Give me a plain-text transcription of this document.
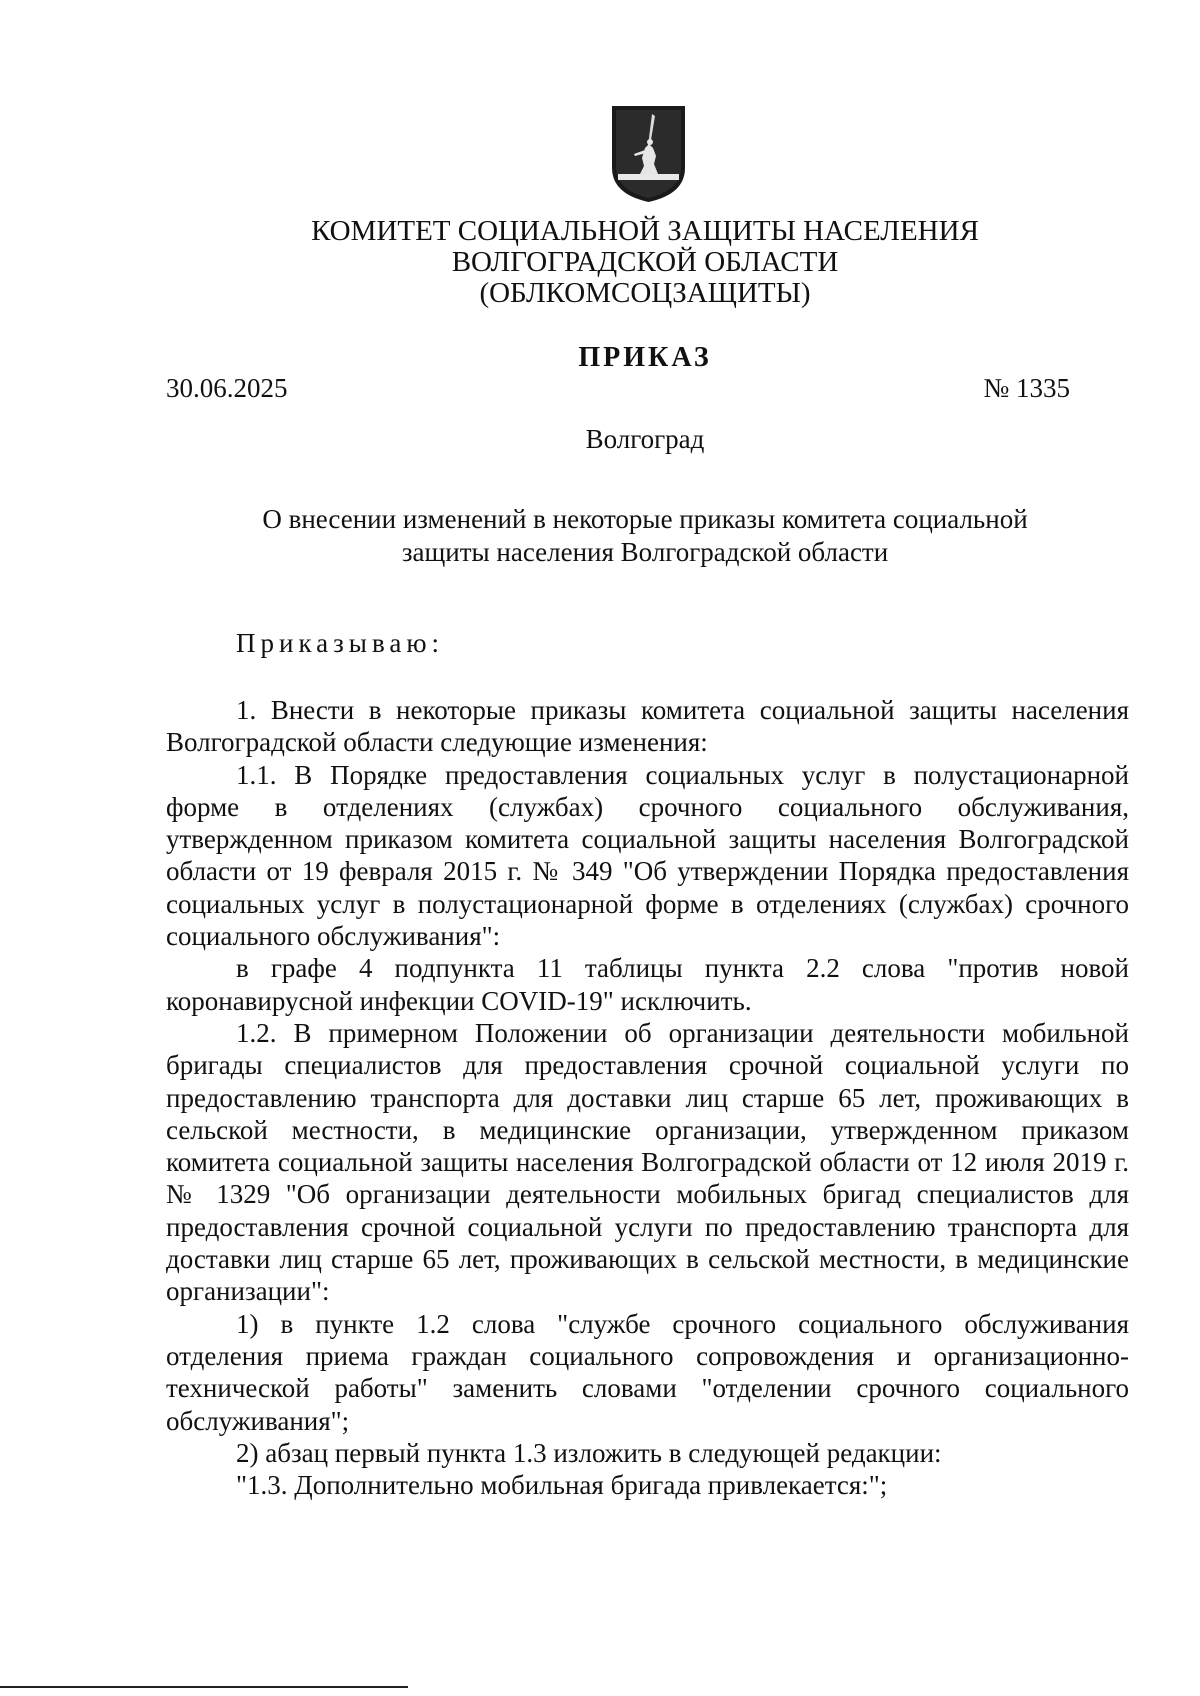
КОМИТЕТ СОЦИАЛЬНОЙ ЗАЩИТЫ НАСЕЛЕНИЯ
ВОЛГОГРАДСКОЙ ОБЛАСТИ
(ОБЛКОМСОЦЗАЩИТЫ)
ПРИКАЗ
30.06.2025	№ 1335
Волгоград
О внесении изменений в некоторые приказы комитета социальной
защиты населения Волгоградской области
Приказываю:

1. Внести в некоторые приказы комитета социальной защиты населения Волгоградской области следующие изменения:

1.1. В Порядке предоставления социальных услуг в полустационарной форме в отделениях (службах) срочного социального обслуживания, утвержденном приказом комитета социальной защиты населения Волгоградской области от 19 февраля 2015 г. № 349 "Об утверждении Порядка предоставления социальных услуг в полустационарной форме в отделениях (службах) срочного социального обслуживания":

в графе 4 подпункта 11 таблицы пункта 2.2 слова "против новой коронавирусной инфекции COVID-19" исключить.

1.2. В примерном Положении об организации деятельности мобильной бригады специалистов для предоставления срочной социальной услуги по предоставлению транспорта для доставки лиц старше 65 лет, проживающих в сельской местности, в медицинские организации, утвержденном приказом комитета социальной защиты населения Волгоградской области от 12 июля 2019 г. № 1329 "Об организации деятельности мобильных бригад специалистов для предоставления срочной социальной услуги по предоставлению транспорта для доставки лиц старше 65 лет, проживающих в сельской местности, в медицинские организации":

1) в пункте 1.2 слова "службе срочного социального обслуживания отделения приема граждан социального сопровождения и организационно-технической работы" заменить словами "отделении срочного социального обслуживания";

2) абзац первый пункта 1.3 изложить в следующей редакции:

"1.3. Дополнительно мобильная бригада привлекается:";
